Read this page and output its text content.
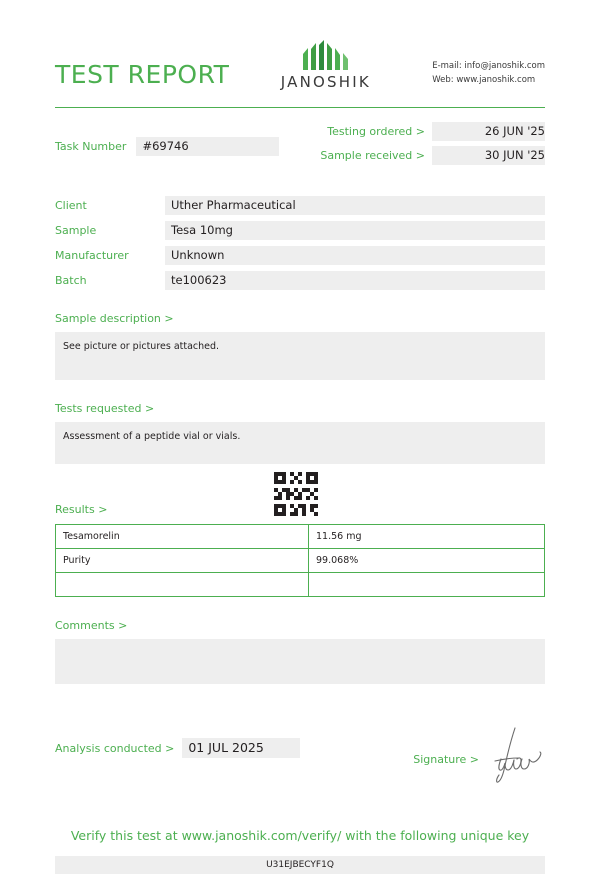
TEST REPORT	JANOSHIK
E-mail: info@janoshik.com
Web: www.janoshik.com
Task Number	#69746
Testing ordered >	26 JUN '25
Sample received >	30 JUN '25
Client	Uther Pharmaceutical
Sample	Tesa 10mg
Manufacturer	Unknown
Batch	te100623
Sample description >
See picture or pictures attached.
Tests requested >
Assessment of a peptide vial or vials.
Results >
Tesamorelin	11.56 mg
Purity	99.068%

Comments >
Analysis conducted >	01 JUL 2025
Signature >
Verify this test at www.janoshik.com/verify/ with the following unique key
U31EJBECYF1Q
